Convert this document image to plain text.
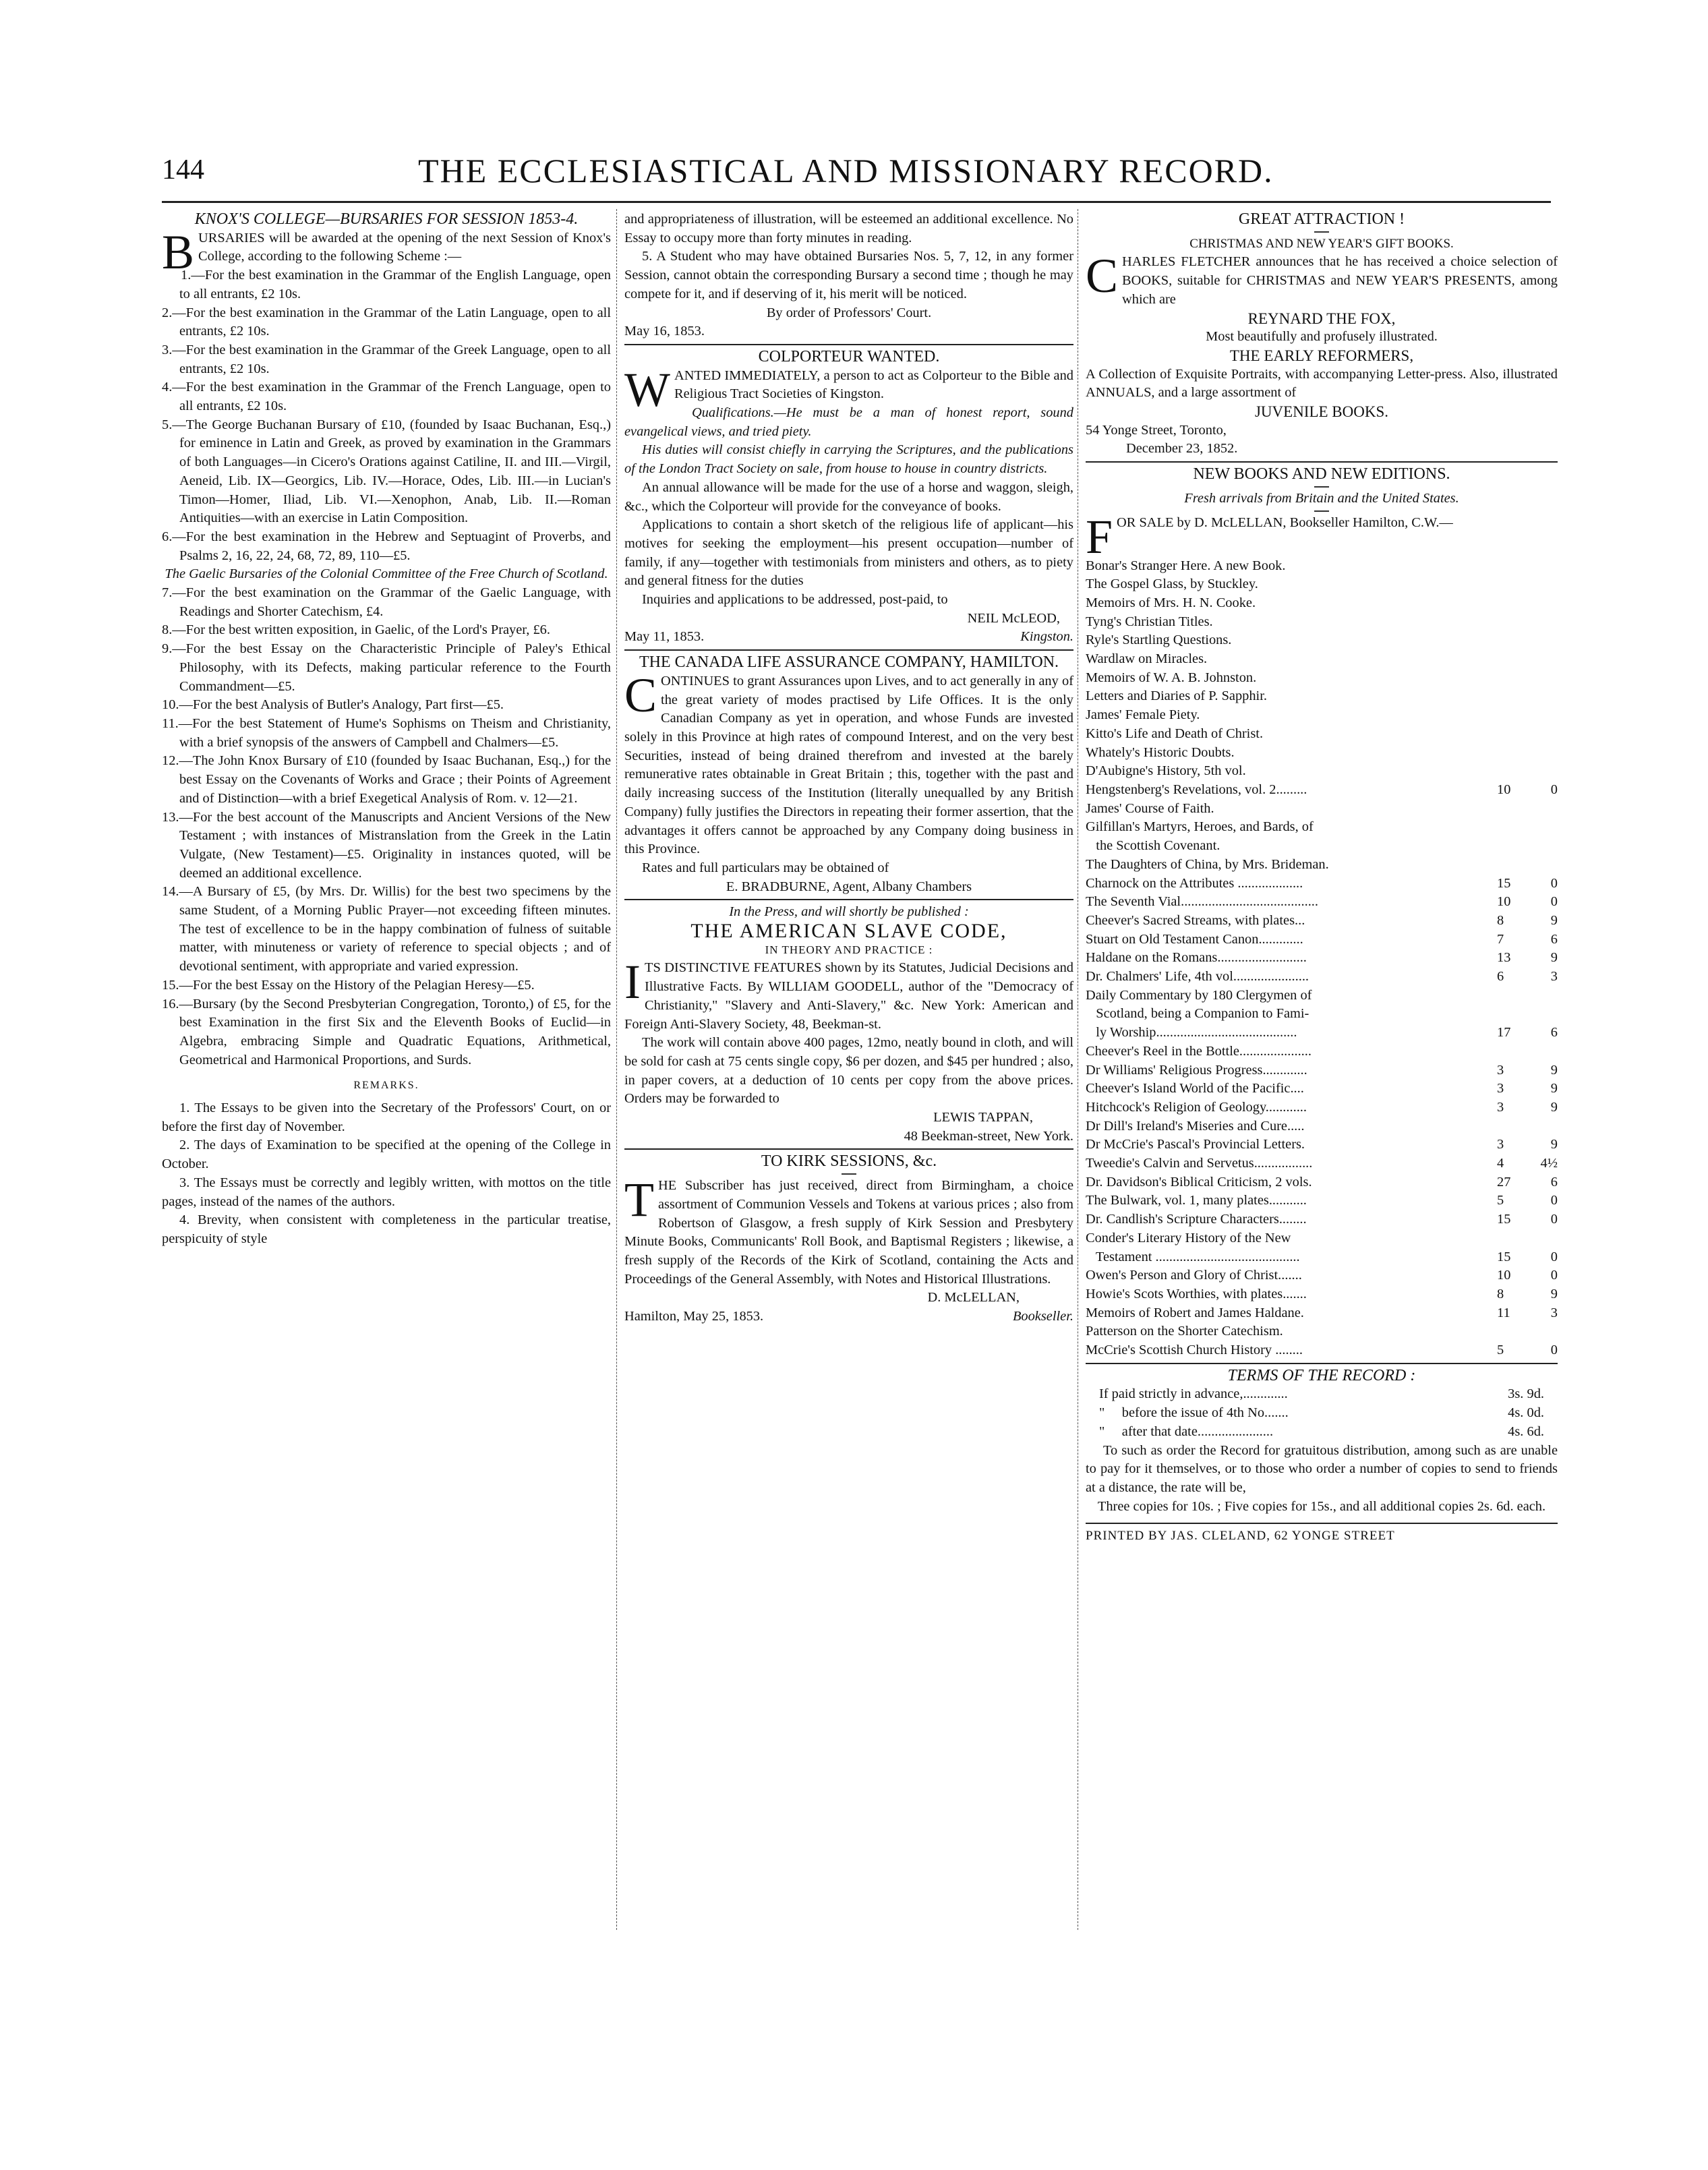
144	THE ECCLESIASTICAL AND MISSIONARY RECORD.

KNOX'S COLLEGE—BURSARIES FOR SESSION 1853-4.

BURSARIES will be awarded at the opening of the next Session of Knox's College, according to the following Scheme :—

1.—For the best examination in the Grammar of the English Language, open to all entrants, £2 10s.

2.—For the best examination in the Grammar of the Latin Language, open to all entrants, £2 10s.

3.—For the best examination in the Grammar of the Greek Language, open to all entrants, £2 10s.

4.—For the best examination in the Grammar of the French Language, open to all entrants, £2 10s.

5.—The George Buchanan Bursary of £10, (founded by Isaac Buchanan, Esq.,) for eminence in Latin and Greek, as proved by examination in the Grammars of both Languages—in Cicero's Orations against Catiline, II. and III.—Virgil, Aeneid, Lib. IX—Georgics, Lib. IV.—Horace, Odes, Lib. III.—in Lucian's Timon—Homer, Iliad, Lib. VI.—Xenophon, Anab, Lib. II.—Roman Antiquities—with an exercise in Latin Composition.

6.—For the best examination in the Hebrew and Septuagint of Proverbs, and Psalms 2, 16, 22, 24, 68, 72, 89, 110—£5.

The Gaelic Bursaries of the Colonial Committee of the Free Church of Scotland.

7.—For the best examination on the Grammar of the Gaelic Language, with Readings and Shorter Catechism, £4.

8.—For the best written exposition, in Gaelic, of the Lord's Prayer, £6.

9.—For the best Essay on the Characteristic Principle of Paley's Ethical Philosophy, with its Defects, making particular reference to the Fourth Commandment—£5.

10.—For the best Analysis of Butler's Analogy, Part first—£5.

11.—For the best Statement of Hume's Sophisms on Theism and Christianity, with a brief synopsis of the answers of Campbell and Chalmers—£5.

12.—The John Knox Bursary of £10 (founded by Isaac Buchanan, Esq.,) for the best Essay on the Covenants of Works and Grace ; their Points of Agreement and of Distinction—with a brief Exegetical Analysis of Rom. v. 12—21.

13.—For the best account of the Manuscripts and Ancient Versions of the New Testament ; with instances of Mistranslation from the Greek in the Latin Vulgate, (New Testament)—£5. Originality in instances quoted, will be deemed an additional excellence.

14.—A Bursary of £5, (by Mrs. Dr. Willis) for the best two specimens by the same Student, of a Morning Public Prayer—not exceeding fifteen minutes. The test of excellence to be in the happy combination of fulness of suitable matter, with minuteness or variety of reference to special objects ; and of devotional sentiment, with appropriate and varied expression.

15.—For the best Essay on the History of the Pelagian Heresy—£5.

16.—Bursary (by the Second Presbyterian Congregation, Toronto,) of £5, for the best Examination in the first Six and the Eleventh Books of Euclid—in Algebra, embracing Simple and Quadratic Equations, Arithmetical, Geometrical and Harmonical Proportions, and Surds.

REMARKS.

1. The Essays to be given into the Secretary of the Professors' Court, on or before the first day of November.

2. The days of Examination to be specified at the opening of the College in October.

3. The Essays must be correctly and legibly written, with mottos on the title pages, instead of the names of the authors.

4. Brevity, when consistent with completeness in the particular treatise, perspicuity of style

and appropriateness of illustration, will be esteemed an additional excellence. No Essay to occupy more than forty minutes in reading.

5. A Student who may have obtained Bursaries Nos. 5, 7, 12, in any former Session, cannot obtain the corresponding Bursary a second time ; though he may compete for it, and if deserving of it, his merit will be noticed.

By order of Professors' Court.

May 16, 1853.

COLPORTEUR WANTED.

WANTED IMMEDIATELY, a person to act as Colporteur to the Bible and Religious Tract Societies of Kingston.

Qualifications.—He must be a man of honest report, sound evangelical views, and tried piety.

His duties will consist chiefly in carrying the Scriptures, and the publications of the London Tract Society on sale, from house to house in country districts.

An annual allowance will be made for the use of a horse and waggon, sleigh, &c., which the Colporteur will provide for the conveyance of books.

Applications to contain a short sketch of the religious life of applicant—his motives for seeking the employment—his present occupation—number of family, if any—together with testimonials from ministers and others, as to piety and general fitness for the duties

Inquiries and applications to be addressed, post-paid, to

NEIL McLEOD,

May 11, 1853.	Kingston.

THE CANADA LIFE ASSURANCE COMPANY, HAMILTON.

CONTINUES to grant Assurances upon Lives, and to act generally in any of the great variety of modes practised by Life Offices. It is the only Canadian Company as yet in operation, and whose Funds are invested solely in this Province at high rates of compound Interest, and on the very best Securities, instead of being drained therefrom and invested at the barely remunerative rates obtainable in Great Britain ; this, together with the past and daily increasing success of the Institution (literally unequalled by any British Company) fully justifies the Directors in repeating their former assertion, that the advantages it offers cannot be approached by any Company doing business in this Province.

Rates and full particulars may be obtained of

E. BRADBURNE, Agent, Albany Chambers

In the Press, and will shortly be published :

THE AMERICAN SLAVE CODE,

IN THEORY AND PRACTICE :

ITS DISTINCTIVE FEATURES shown by its Statutes, Judicial Decisions and Illustrative Facts. By WILLIAM GOODELL, author of the "Democracy of Christianity," "Slavery and Anti-Slavery," &c. New York: American and Foreign Anti-Slavery Society, 48, Beekman-st.

The work will contain above 400 pages, 12mo, neatly bound in cloth, and will be sold for cash at 75 cents single copy, $6 per dozen, and $45 per hundred ; also, in paper covers, at a deduction of 10 cents per copy from the above prices. Orders may be forwarded to

LEWIS TAPPAN,

48 Beekman-street, New York.

TO KIRK SESSIONS, &c.

THE Subscriber has just received, direct from Birmingham, a choice assortment of Communion Vessels and Tokens at various prices ; also from Robertson of Glasgow, a fresh supply of Kirk Session and Presbytery Minute Books, Communicants' Roll Book, and Baptismal Registers ; likewise, a fresh supply of the Records of the Kirk of Scotland, containing the Acts and Proceedings of the General Assembly, with Notes and Historical Illustrations.

D. McLELLAN,

Hamilton, May 25, 1853.	Bookseller.

GREAT ATTRACTION !

CHRISTMAS AND NEW YEAR'S GIFT BOOKS.

CHARLES FLETCHER announces that he has received a choice selection of BOOKS, suitable for CHRISTMAS and NEW YEAR'S PRESENTS, among which are

REYNARD THE FOX,

Most beautifully and profusely illustrated.

THE EARLY REFORMERS,

A Collection of Exquisite Portraits, with accompanying Letter-press. Also, illustrated ANNUALS, and a large assortment of

JUVENILE BOOKS.

54 Yonge Street, Toronto,

December 23, 1852.

NEW BOOKS AND NEW EDITIONS.

Fresh arrivals from Britain and the United States.

FOR SALE by D. McLELLAN, Bookseller Hamilton, C.W.—

Bonar's Stranger Here. A new Book.
The Gospel Glass, by Stuckley.
Memoirs of Mrs. H. N. Cooke.
Tyng's Christian Titles.
Ryle's Startling Questions.
Wardlaw on Miracles.
Memoirs of W. A. B. Johnston.
Letters and Diaries of P. Sapphir.
James' Female Piety.
Kitto's Life and Death of Christ.
Whately's Historic Doubts.
D'Aubigne's History, 5th vol.
Hengstenberg's Revelations, vol. 2.........	10	0
James' Course of Faith.
Gilfillan's Martyrs, Heroes, and Bards, of
the Scottish Covenant.
The Daughters of China, by Mrs. Brideman.
Charnock on the Attributes ...................	15	0
The Seventh Vial........................................	10	0
Cheever's Sacred Streams, with plates...	8	9
Stuart on Old Testament Canon.............	7	6
Haldane on the Romans..........................	13	9
Dr. Chalmers' Life, 4th vol......................	6	3
Daily Commentary by 180 Clergymen of
Scotland, being a Companion to Fami-
ly Worship.........................................	17	6
Cheever's Reel in the Bottle.....................
Dr Williams' Religious Progress.............	3	9
Cheever's Island World of the Pacific....	3	9
Hitchcock's Religion of Geology............	3	9
Dr Dill's Ireland's Miseries and Cure.....
Dr McCrie's Pascal's Provincial Letters.	3	9
Tweedie's Calvin and Servetus.................	4	4½
Dr. Davidson's Biblical Criticism, 2 vols.	27	6
The Bulwark, vol. 1, many plates...........	5	0
Dr. Candlish's Scripture Characters........	15	0
Conder's Literary History of the New
Testament ..........................................	15	0
Owen's Person and Glory of Christ.......	10	0
Howie's Scots Worthies, with plates.......	8	9
Memoirs of Robert and James Haldane.	11	3
Patterson on the Shorter Catechism.
McCrie's Scottish Church History ........	5	0

TERMS OF THE RECORD :

If paid strictly in advance,.............	3s. 9d.
"     before the issue of 4th No.......	4s. 0d.
"     after that date......................	4s. 6d.

To such as order the Record for gratuitous distribution, among such as are unable to pay for it themselves, or to those who order a number of copies to send to friends at a distance, the rate will be,

Three copies for 10s. ; Five copies for 15s., and all additional copies 2s. 6d. each.

PRINTED BY JAS. CLELAND, 62 YONGE STREET
